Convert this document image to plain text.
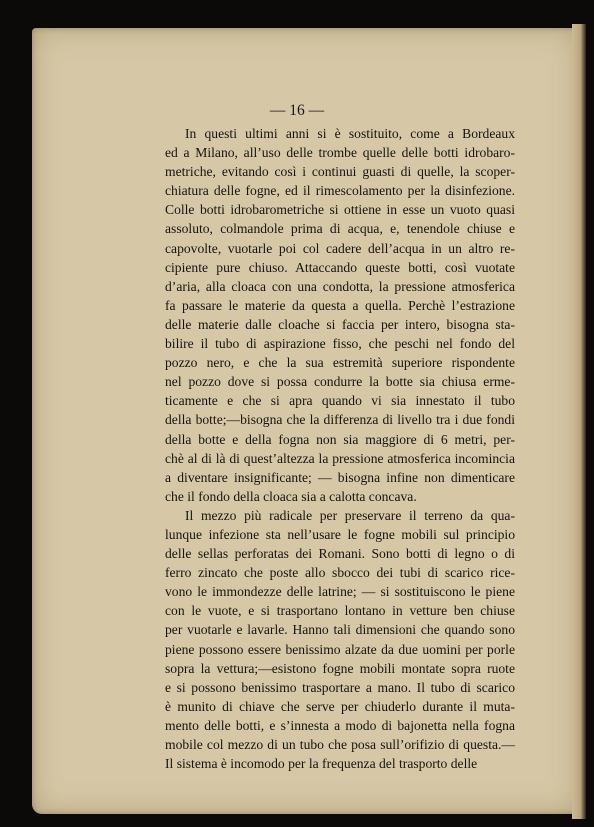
— 16 —
In questi ultimi anni si è sostituito, come a Bordeaux
ed a Milano, all’uso delle trombe quelle delle botti idrobaro-
metriche, evitando così i continui guasti di quelle, la scoper-
chiatura delle fogne, ed il rimescolamento per la disinfezione.
Colle botti idrobarometriche si ottiene in esse un vuoto quasi
assoluto, colmandole prima di acqua, e, tenendole chiuse e
capovolte, vuotarle poi col cadere dell’acqua in un altro re-
cipiente pure chiuso. Attaccando queste botti, così vuotate
d’aria, alla cloaca con una condotta, la pressione atmosferica
fa passare le materie da questa a quella. Perchè l’estrazione
delle materie dalle cloache si faccia per intero, bisogna sta-
bilire il tubo di aspirazione fisso, che peschi nel fondo del
pozzo nero, e che la sua estremità superiore rispondente
nel pozzo dove si possa condurre la botte sia chiusa erme-
ticamente e che si apra quando vi sia innestato il tubo
della botte;—bisogna che la differenza di livello tra i due fondi
della botte e della fogna non sia maggiore di 6 metri, per-
chè al di là di quest’altezza la pressione atmosferica incomincia
a diventare insignificante; — bisogna infine non dimenticare
che il fondo della cloaca sia a calotta concava.
Il mezzo più radicale per preservare il terreno da qua-
lunque infezione sta nell’usare le fogne mobili sul principio
delle sellas perforatas dei Romani. Sono botti di legno o di
ferro zincato che poste allo sbocco dei tubi di scarico rice-
vono le immondezze delle latrine; — si sostituiscono le piene
con le vuote, e si trasportano lontano in vetture ben chiuse
per vuotarle e lavarle. Hanno tali dimensioni che quando sono
piene possono essere benissimo alzate da due uomini per porle
sopra la vettura;—esistono fogne mobili montate sopra ruote
e si possono benissimo trasportare a mano. Il tubo di scarico
è munito di chiave che serve per chiuderlo durante il muta-
mento delle botti, e s’innesta a modo di bajonetta nella fogna
mobile col mezzo di un tubo che posa sull’orifizio di questa.—
Il sistema è incomodo per la frequenza del trasporto delle
